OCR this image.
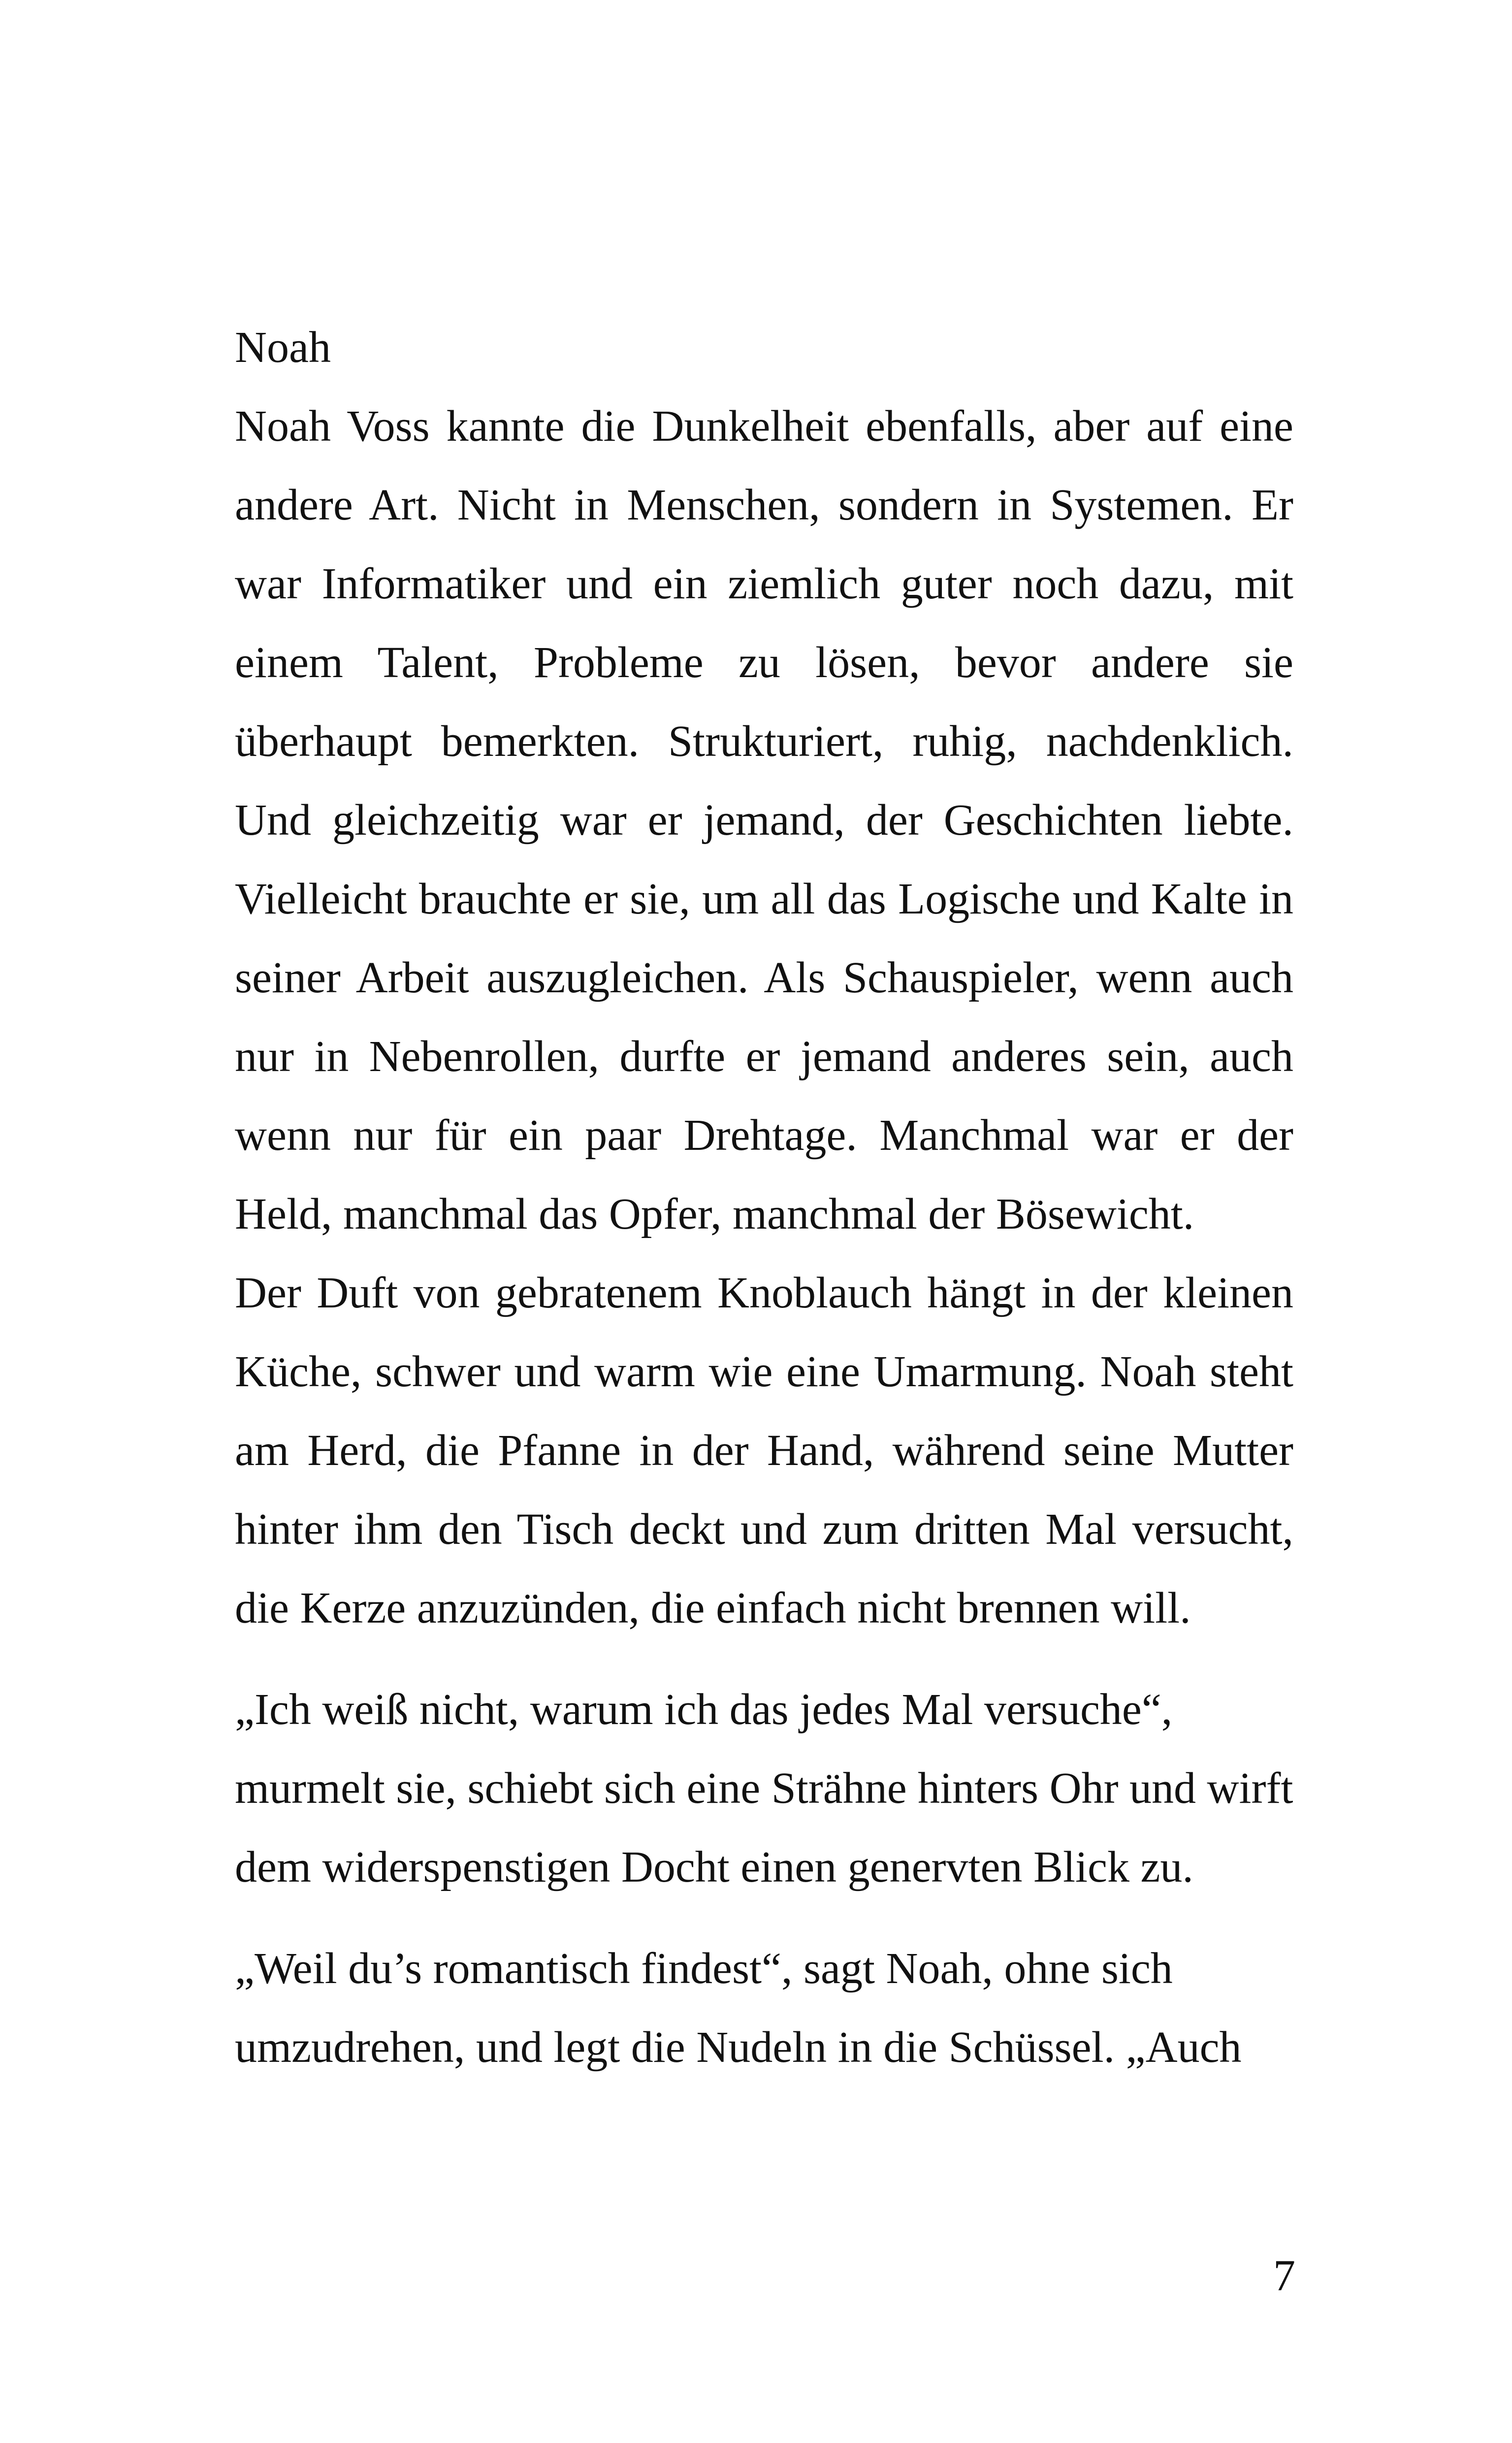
Noah

Noah Voss kannte die Dunkelheit ebenfalls, aber auf eine andere Art. Nicht in Menschen, sondern in Systemen. Er war Informatiker und ein ziemlich guter noch dazu, mit einem Talent, Probleme zu lösen, bevor andere sie überhaupt bemerkten. Strukturiert, ruhig, nachdenklich. Und gleichzeitig war er jemand, der Geschichten liebte. Vielleicht brauchte er sie, um all das Logische und Kalte in seiner Arbeit auszugleichen. Als Schauspieler, wenn auch nur in Nebenrollen, durfte er jemand anderes sein, auch wenn nur für ein paar Drehtage. Manchmal war er der Held, manchmal das Opfer, manchmal der Bösewicht.

Der Duft von gebratenem Knoblauch hängt in der kleinen Küche, schwer und warm wie eine Umarmung. Noah steht am Herd, die Pfanne in der Hand, während seine Mutter hinter ihm den Tisch deckt und zum dritten Mal versucht, die Kerze anzuzünden, die einfach nicht brennen will.

„Ich weiß nicht, warum ich das jedes Mal versuche“, murmelt sie, schiebt sich eine Strähne hinters Ohr und wirft dem widerspenstigen Docht einen genervten Blick zu.

„Weil du’s romantisch findest“, sagt Noah, ohne sich umzudrehen, und legt die Nudeln in die Schüssel. „Auch

7
